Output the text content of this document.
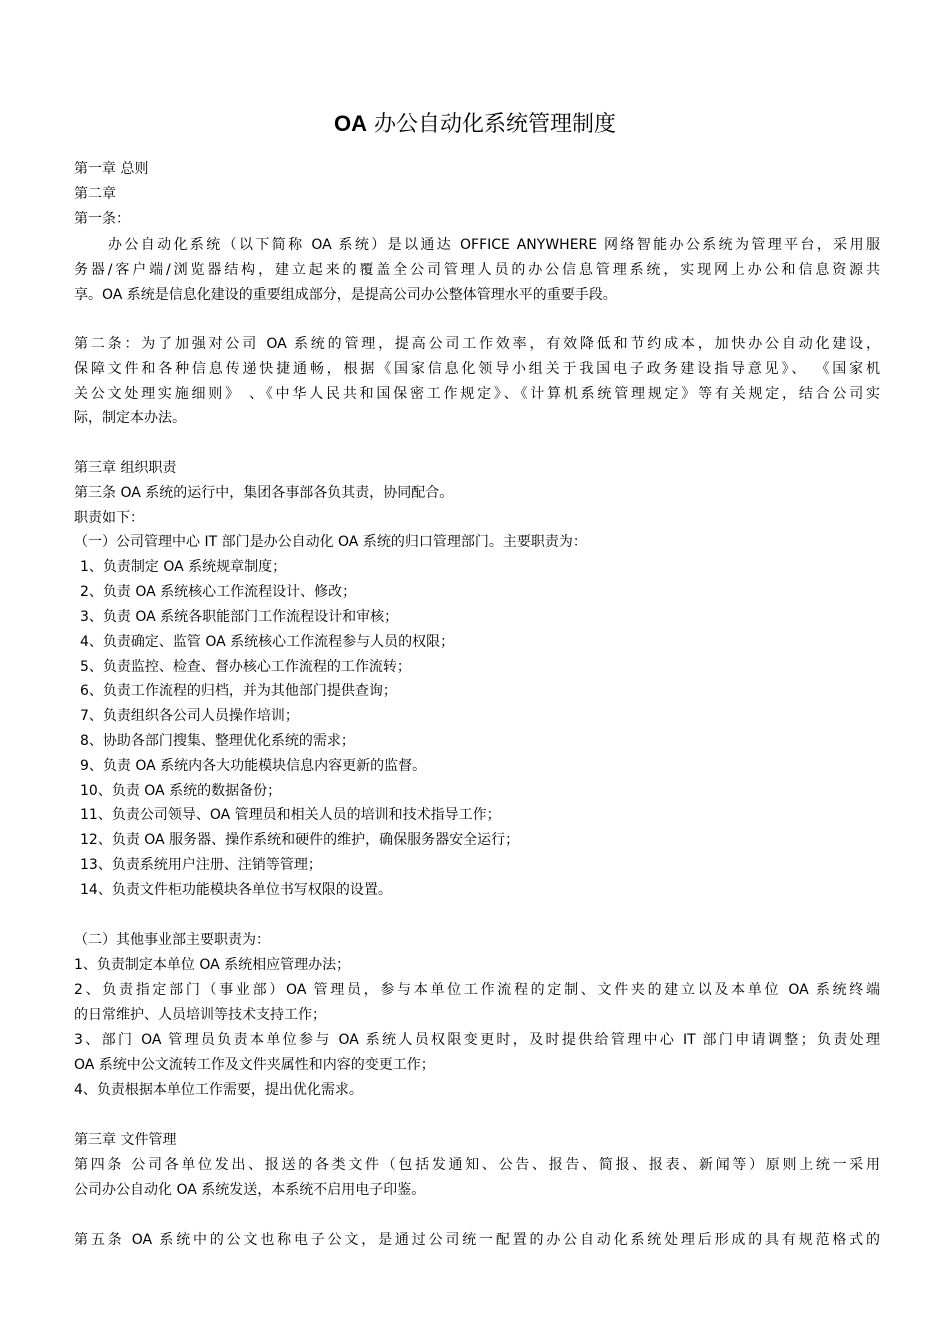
OA 办公自动化系统管理制度
第一章 总则
第二章
第一条：
办公自动化系统（以下简称 OA 系统）是以通达 OFFICE ANYWHERE 网络智能办公系统为管理平台，采用服
务器/客户端/浏览器结构，建立起来的覆盖全公司管理人员的办公信息管理系统，实现网上办公和信息资源共
享。OA 系统是信息化建设的重要组成部分，是提高公司办公整体管理水平的重要手段。
第二条：为了加强对公司 OA 系统的管理，提高公司工作效率，有效降低和节约成本，加快办公自动化建设，
保障文件和各种信息传递快捷通畅，根据《国家信息化领导小组关于我国电子政务建设指导意见》、 《国家机
关公文处理实施细则》 、《中华人民共和国保密工作规定》、《计算机系统管理规定》等有关规定，结合公司实
际，制定本办法。
第三章 组织职责
第三条 OA 系统的运行中，集团各事部各负其责，协同配合。
职责如下：
（一）公司管理中心 IT 部门是办公自动化 OA 系统的归口管理部门。主要职责为：
1、负责制定 OA 系统规章制度；
2、负责 OA 系统核心工作流程设计、修改；
3、负责 OA 系统各职能部门工作流程设计和审核；
4、负责确定、监管 OA 系统核心工作流程参与人员的权限；
5、负责监控、检查、督办核心工作流程的工作流转；
6、负责工作流程的归档，并为其他部门提供查询；
7、负责组织各公司人员操作培训；
8、协助各部门搜集、整理优化系统的需求；
9、负责 OA 系统内各大功能模块信息内容更新的监督。
10、负责 OA 系统的数据备份；
11、负责公司领导、OA 管理员和相关人员的培训和技术指导工作；
12、负责 OA 服务器、操作系统和硬件的维护，确保服务器安全运行；
13、负责系统用户注册、注销等管理；
14、负责文件柜功能模块各单位书写权限的设置。
（二）其他事业部主要职责为：
1、负责制定本单位 OA 系统相应管理办法；
2、负责指定部门（事业部）OA 管理员，参与本单位工作流程的定制、文件夹的建立以及本单位 OA 系统终端
的日常维护、人员培训等技术支持工作；
3、部门 OA 管理员负责本单位参与 OA 系统人员权限变更时，及时提供给管理中心 IT 部门申请调整；负责处理
OA 系统中公文流转工作及文件夹属性和内容的变更工作；
4、负责根据本单位工作需要，提出优化需求。
第三章 文件管理
第四条 公司各单位发出、报送的各类文件（包括发通知、公告、报告、简报、报表、新闻等）原则上统一采用
公司办公自动化 OA 系统发送，本系统不启用电子印鉴。
第五条 OA 系统中的公文也称电子公文，是通过公司统一配置的办公自动化系统处理后形成的具有规范格式的
